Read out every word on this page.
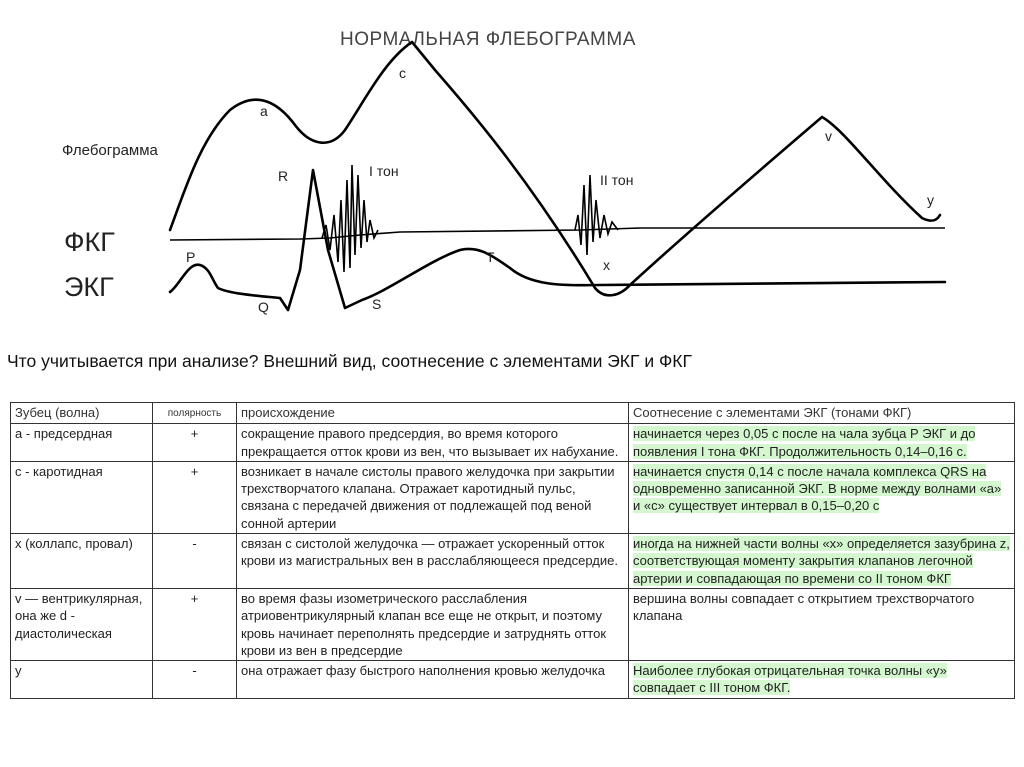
НОРМАЛЬНАЯ ФЛЕБОГРАММА
Флебограмма
ФКГ
ЭКГ
а
с
v
у
х
Р
Q
R
S
Т
I тон
II тон
Что учитывается при анализе? Внешний вид, соотнесение с элементами ЭКГ и ФКГ
Зубец (волна)	полярность	происхождение	Соотнесение с элементами ЭКГ (тонами ФКГ)
а - предсердная	+	сокращение правого предсердия, во время которого прекращается отток крови из вен, что вызывает их набухание.	начинается через 0,05 с после на чала зубца Р ЭКГ и до появления I тона ФКГ. Продолжительность 0,14–0,16 с.
с - каротидная	+	возникает в начале систолы правого желудочка при закрытии трехстворчатого клапана. Отражает каротидный пульс, связана с передачей движения от подлежащей под веной сонной артерии	начинается спустя 0,14 с после начала комплекса QRS на одновременно записанной ЭКГ. В норме между волнами «а» и «с» существует интервал в 0,15–0,20 с
х (коллапс, провал)	-	связан с систолой желудочка — отражает ускоренный отток крови из магистральных вен в расслабляющееся предсердие.	иногда на нижней части волны «х» определяется зазубрина z, соответствующая моменту закрытия клапанов легочной артерии и совпадающая по времени со II тоном ФКГ
v — вентрикулярная, она же d - диастолическая	+	во время фазы изометрического расслабления атриовентрикулярный клапан все еще не открыт, и поэтому кровь начинает переполнять предсердие и затруднять отток крови из вен в предсердие	вершина волны совпадает с открытием трехстворчатого клапана
у	-	она отражает фазу быстрого наполнения кровью желудочка	Наиболее глубокая отрицательная точка волны «у» совпадает с III тоном ФКГ.
